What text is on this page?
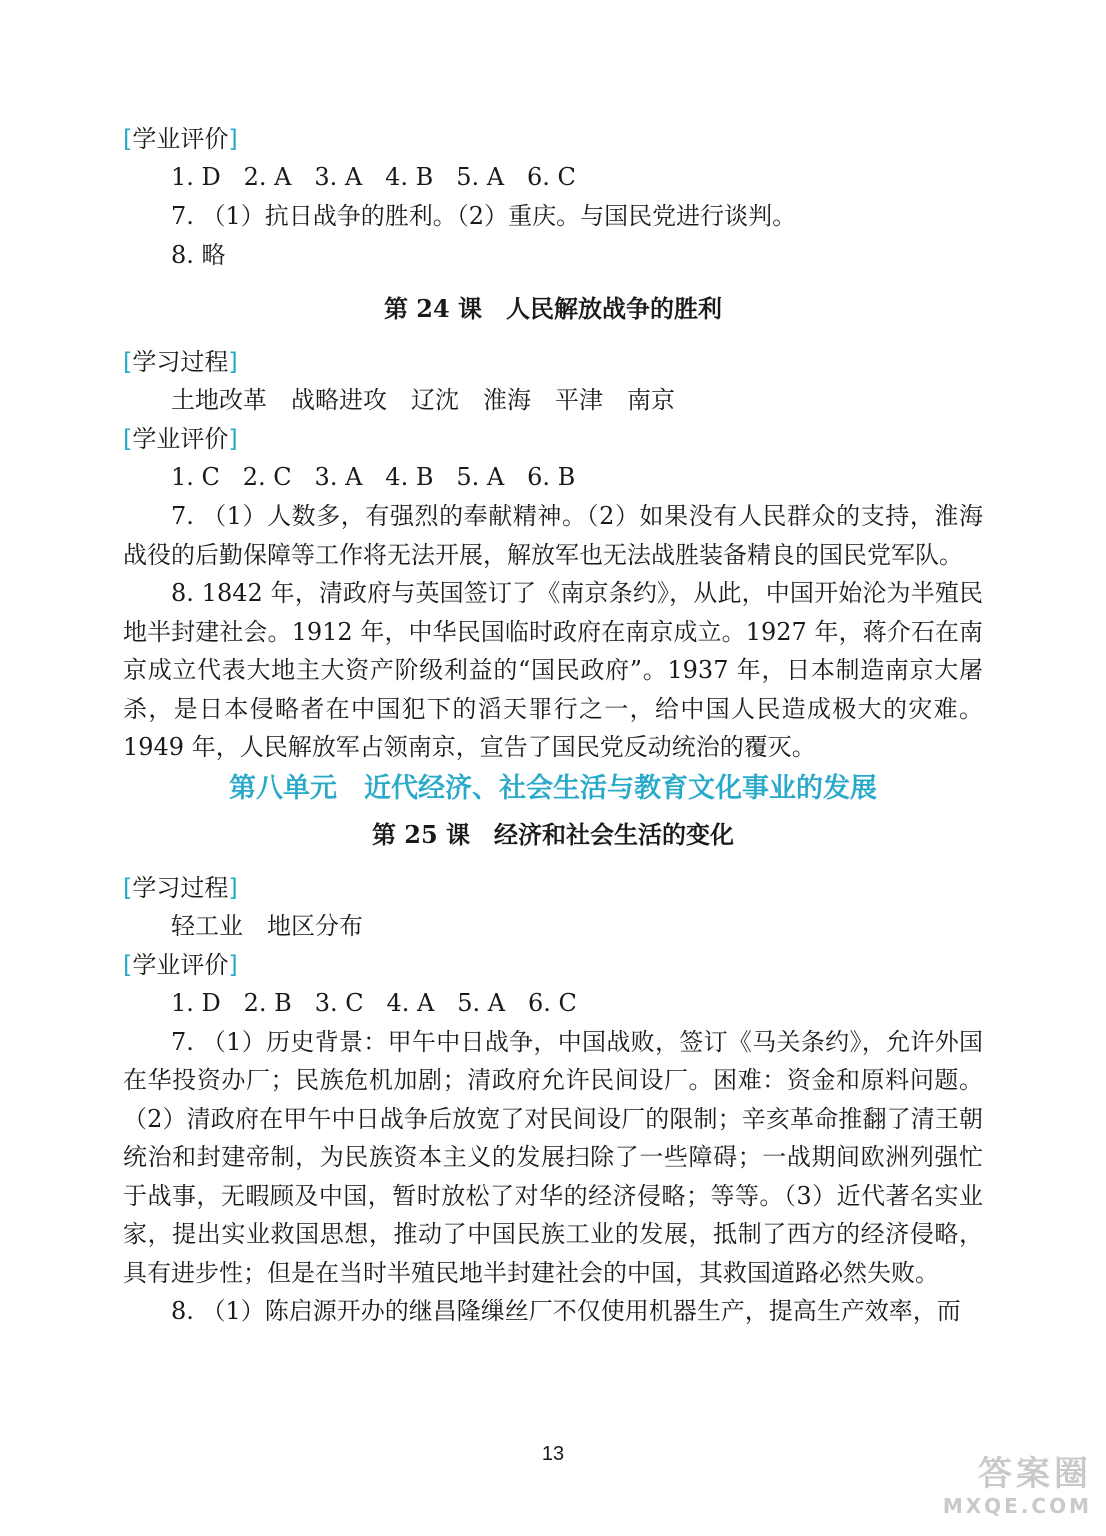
[学业评价]

1. D   2. A   3. A   4. B   5. A   6. C

7. （1）抗日战争的胜利。（2）重庆。与国民党进行谈判。

8. 略

第 24 课　人民解放战争的胜利

[学习过程]

土地改革　战略进攻　辽沈　淮海　平津　南京

[学业评价]

1. C   2. C   3. A   4. B   5. A   6. B

7. （1）人数多，有强烈的奉献精神。（2）如果没有人民群众的支持，淮海战役的后勤保障等工作将无法开展，解放军也无法战胜装备精良的国民党军队。

8. 1842 年，清政府与英国签订了《南京条约》，从此，中国开始沦为半殖民地半封建社会。1912 年，中华民国临时政府在南京成立。1927 年，蒋介石在南京成立代表大地主大资产阶级利益的“国民政府”。1937 年，日本制造南京大屠杀，是日本侵略者在中国犯下的滔天罪行之一，给中国人民造成极大的灾难。1949 年，人民解放军占领南京，宣告了国民党反动统治的覆灭。

第八单元　近代经济、社会生活与教育文化事业的发展
第 25 课　经济和社会生活的变化

[学习过程]

轻工业　地区分布

[学业评价]

1. D   2. B   3. C   4. A   5. A   6. C

7. （1）历史背景：甲午中日战争，中国战败，签订《马关条约》，允许外国在华投资办厂；民族危机加剧；清政府允许民间设厂。困难：资金和原料问题。（2）清政府在甲午中日战争后放宽了对民间设厂的限制；辛亥革命推翻了清王朝统治和封建帝制，为民族资本主义的发展扫除了一些障碍；一战期间欧洲列强忙于战事，无暇顾及中国，暂时放松了对华的经济侵略；等等。（3）近代著名实业家，提出实业救国思想，推动了中国民族工业的发展，抵制了西方的经济侵略，具有进步性；但是在当时半殖民地半封建社会的中国，其救国道路必然失败。

8. （1）陈启源开办的继昌隆缫丝厂不仅使用机器生产，提高生产效率，而

13	答案圈
MXQE.COM
